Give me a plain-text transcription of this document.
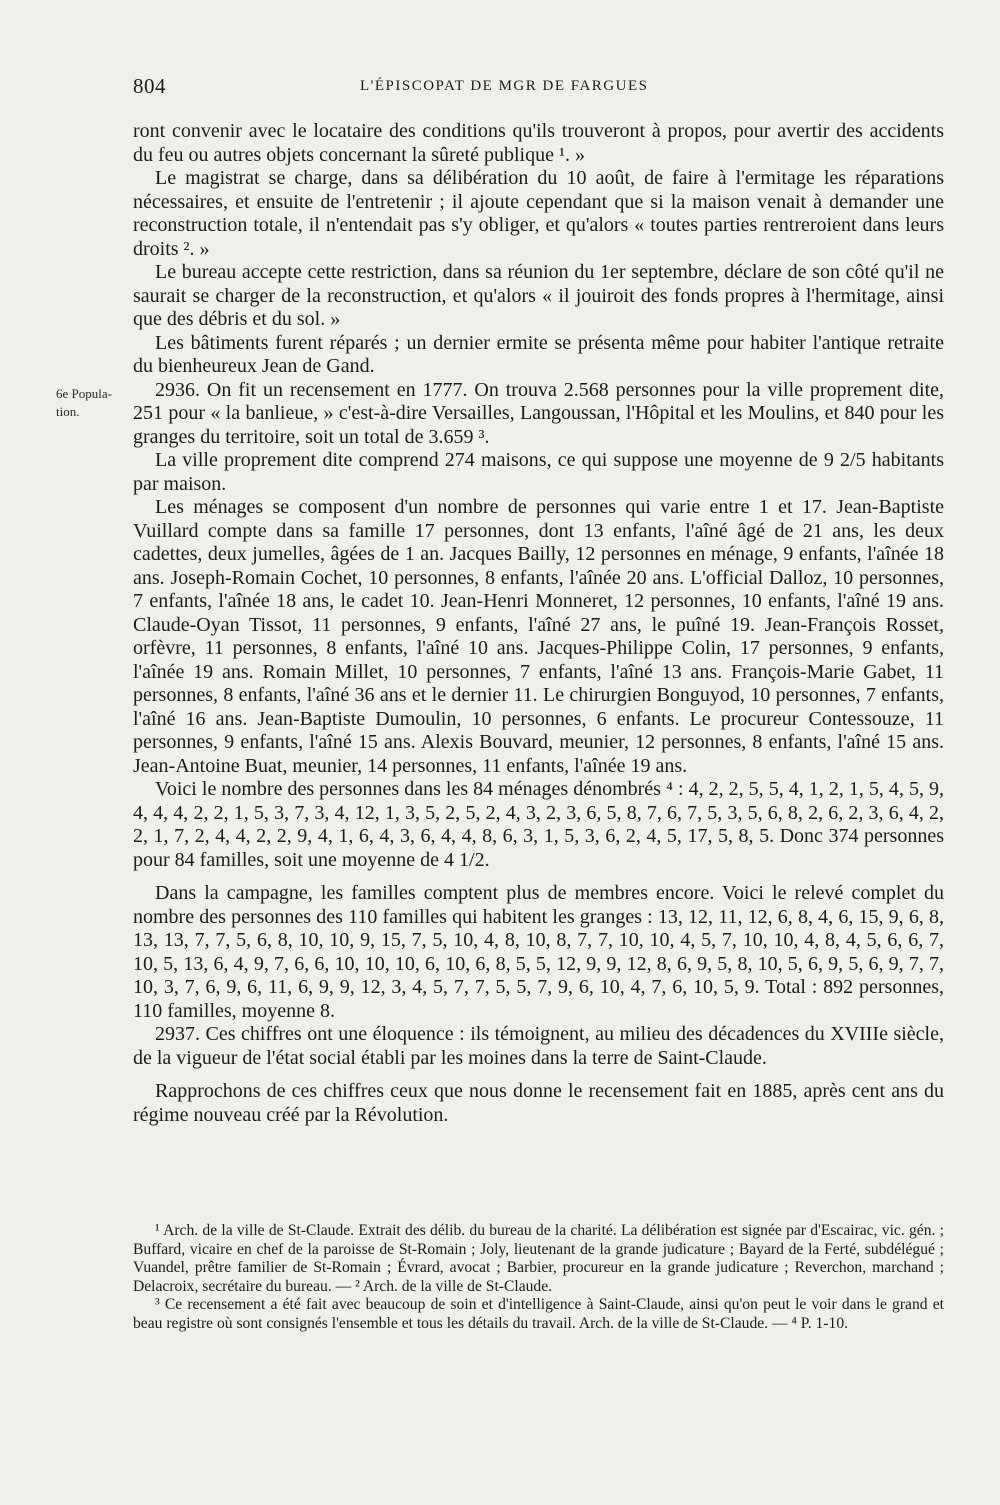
804	L'ÉPISCOPAT DE MGR DE FARGUES
6e Popula-
tion.

ront convenir avec le locataire des conditions qu'ils trouveront à propos, pour avertir des accidents du feu ou autres objets concernant la sûreté publique ¹. »

Le magistrat se charge, dans sa délibération du 10 août, de faire à l'ermitage les réparations nécessaires, et ensuite de l'entretenir ; il ajoute cependant que si la maison venait à demander une reconstruction totale, il n'entendait pas s'y obliger, et qu'alors « toutes parties rentreroient dans leurs droits ². »

Le bureau accepte cette restriction, dans sa réunion du 1er septembre, déclare de son côté qu'il ne saurait se charger de la reconstruction, et qu'alors « il jouiroit des fonds propres à l'hermitage, ainsi que des débris et du sol. »

Les bâtiments furent réparés ; un dernier ermite se présenta même pour habiter l'antique retraite du bienheureux Jean de Gand.

2936. On fit un recensement en 1777. On trouva 2.568 personnes pour la ville proprement dite, 251 pour « la banlieue, » c'est-à-dire Versailles, Langoussan, l'Hôpital et les Moulins, et 840 pour les granges du territoire, soit un total de 3.659 ³.

La ville proprement dite comprend 274 maisons, ce qui suppose une moyenne de 9 2/5 habitants par maison.

Les ménages se composent d'un nombre de personnes qui varie entre 1 et 17. Jean-Baptiste Vuillard compte dans sa famille 17 personnes, dont 13 enfants, l'aîné âgé de 21 ans, les deux cadettes, deux jumelles, âgées de 1 an. Jacques Bailly, 12 personnes en ménage, 9 enfants, l'aînée 18 ans. Joseph-Romain Cochet, 10 personnes, 8 enfants, l'aînée 20 ans. L'official Dalloz, 10 personnes, 7 enfants, l'aînée 18 ans, le cadet 10. Jean-Henri Monneret, 12 personnes, 10 enfants, l'aîné 19 ans. Claude-Oyan Tissot, 11 personnes, 9 enfants, l'aîné 27 ans, le puîné 19. Jean-François Rosset, orfèvre, 11 personnes, 8 enfants, l'aîné 10 ans. Jacques-Philippe Colin, 17 personnes, 9 enfants, l'aînée 19 ans. Romain Millet, 10 personnes, 7 enfants, l'aîné 13 ans. François-Marie Gabet, 11 personnes, 8 enfants, l'aîné 36 ans et le dernier 11. Le chirurgien Bonguyod, 10 personnes, 7 enfants, l'aîné 16 ans. Jean-Baptiste Dumoulin, 10 personnes, 6 enfants. Le procureur Contessouze, 11 personnes, 9 enfants, l'aîné 15 ans. Alexis Bouvard, meunier, 12 personnes, 8 enfants, l'aîné 15 ans. Jean-Antoine Buat, meunier, 14 personnes, 11 enfants, l'aînée 19 ans.

Voici le nombre des personnes dans les 84 ménages dénombrés ⁴ : 4, 2, 2, 5, 5, 4, 1, 2, 1, 5, 4, 5, 9, 4, 4, 4, 2, 2, 1, 5, 3, 7, 3, 4, 12, 1, 3, 5, 2, 5, 2, 4, 3, 2, 3, 6, 5, 8, 7, 6, 7, 5, 3, 5, 6, 8, 2, 6, 2, 3, 6, 4, 2, 2, 1, 7, 2, 4, 4, 2, 2, 9, 4, 1, 6, 4, 3, 6, 4, 4, 8, 6, 3, 1, 5, 3, 6, 2, 4, 5, 17, 5, 8, 5. Donc 374 personnes pour 84 familles, soit une moyenne de 4 1/2.

Dans la campagne, les familles comptent plus de membres encore. Voici le relevé complet du nombre des personnes des 110 familles qui habitent les granges : 13, 12, 11, 12, 6, 8, 4, 6, 15, 9, 6, 8, 13, 13, 7, 7, 5, 6, 8, 10, 10, 9, 15, 7, 5, 10, 4, 8, 10, 8, 7, 7, 10, 10, 4, 5, 7, 10, 10, 4, 8, 4, 5, 6, 6, 7, 10, 5, 13, 6, 4, 9, 7, 6, 6, 10, 10, 10, 6, 10, 6, 8, 5, 5, 12, 9, 9, 12, 8, 6, 9, 5, 8, 10, 5, 6, 9, 5, 6, 9, 7, 7, 10, 3, 7, 6, 9, 6, 11, 6, 9, 9, 12, 3, 4, 5, 7, 7, 5, 5, 7, 9, 6, 10, 4, 7, 6, 10, 5, 9. Total : 892 personnes, 110 familles, moyenne 8.

2937. Ces chiffres ont une éloquence : ils témoignent, au milieu des décadences du XVIIIe siècle, de la vigueur de l'état social établi par les moines dans la terre de Saint-Claude.

Rapprochons de ces chiffres ceux que nous donne le recensement fait en 1885, après cent ans du régime nouveau créé par la Révolution.

¹ Arch. de la ville de St-Claude. Extrait des délib. du bureau de la charité. La délibération est signée par d'Escairac, vic. gén. ; Buffard, vicaire en chef de la paroisse de St-Romain ; Joly, lieutenant de la grande judicature ; Bayard de la Ferté, subdélégué ; Vuandel, prêtre familier de St-Romain ; Évrard, avocat ; Barbier, procureur en la grande judicature ; Reverchon, marchand ; Delacroix, secrétaire du bureau. — ² Arch. de la ville de St-Claude.

³ Ce recensement a été fait avec beaucoup de soin et d'intelligence à Saint-Claude, ainsi qu'on peut le voir dans le grand et beau registre où sont consignés l'ensemble et tous les détails du travail. Arch. de la ville de St-Claude. — ⁴ P. 1-10.
